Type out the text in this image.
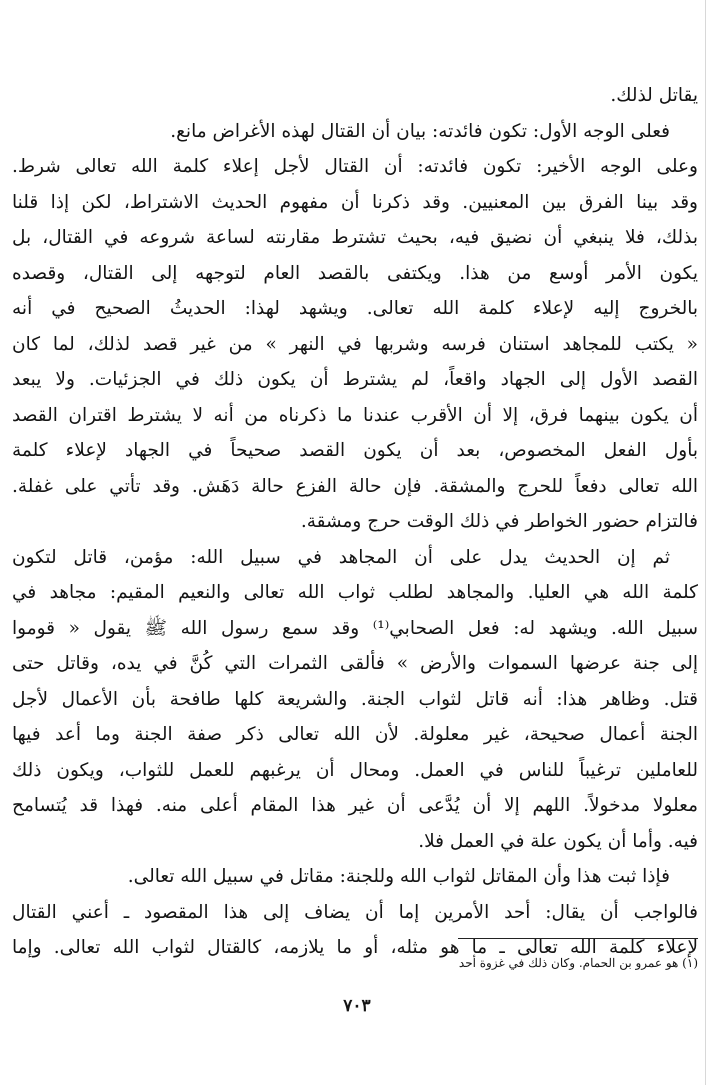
يقاتل لذلك.
فعلى الوجه الأول: تكون فائدته: بيان أن القتال لهذه الأغراض مانع.
وعلى الوجه الأخير: تكون فائدته: أن القتال لأجل إعلاء كلمة الله تعالى شرط.
وقد بينا الفرق بين المعنيين. وقد ذكرنا أن مفهوم الحديث الاشتراط، لكن إذا قلنا
بذلك، فلا ينبغي أن نضيق فيه، بحيث تشترط مقارنته لساعة شروعه في القتال، بل
يكون الأمر أوسع من هذا. ويكتفى بالقصد العام لتوجهه إلى القتال، وقصده
بالخروج إليه لإعلاء كلمة الله تعالى. ويشهد لهذا: الحديثُ الصحيح في أنه
« يكتب للمجاهد استنان فرسه وشربها في النهر » من غير قصد لذلك، لما كان
القصد الأول إلى الجهاد واقعاً، لم يشترط أن يكون ذلك في الجزئيات. ولا يبعد
أن يكون بينهما فرق، إلا أن الأقرب عندنا ما ذكرناه من أنه لا يشترط اقتران القصد
بأول الفعل المخصوص، بعد أن يكون القصد صحيحاً في الجهاد لإعلاء كلمة
الله تعالى دفعاً للحرج والمشقة. فإن حالة الفزع حالة دَهَش. وقد تأتي على غفلة.
فالتزام حضور الخواطر في ذلك الوقت حرج ومشقة.
ثم إن الحديث يدل على أن المجاهد في سبيل الله: مؤمن، قاتل لتكون
كلمة الله هي العليا. والمجاهد لطلب ثواب الله تعالى والنعيم المقيم: مجاهد في
سبيل الله. ويشهد له: فعل الصحابي⁽¹⁾ وقد سمع رسول الله ﷺ يقول « قوموا
إلى جنة عرضها السموات والأرض » فألقى الثمرات التي كُنَّ في يده، وقاتل حتى
قتل. وظاهر هذا: أنه قاتل لثواب الجنة. والشريعة كلها طافحة بأن الأعمال لأجل
الجنة أعمال صحيحة، غير معلولة. لأن الله تعالى ذكر صفة الجنة وما أعد فيها
للعاملين ترغيباً للناس في العمل. ومحال أن يرغبهم للعمل للثواب، ويكون ذلك
معلولا مدخولاً. اللهم إلا أن يُدَّعى أن غير هذا المقام أعلى منه. فهذا قد يُتسامح
فيه. وأما أن يكون علة في العمل فلا.
فإذا ثبت هذا وأن المقاتل لثواب الله وللجنة: مقاتل في سبيل الله تعالى.
فالواجب أن يقال: أحد الأمرين إما أن يضاف إلى هذا المقصود ـ أعني القتال
لإعلاء كلمة الله تعالى ـ ما هو مثله، أو ما يلازمه، كالقتال لثواب الله تعالى. وإما
(١) هو عمرو بن الحمام. وكان ذلك في غزوة أحد
٧٠٣
